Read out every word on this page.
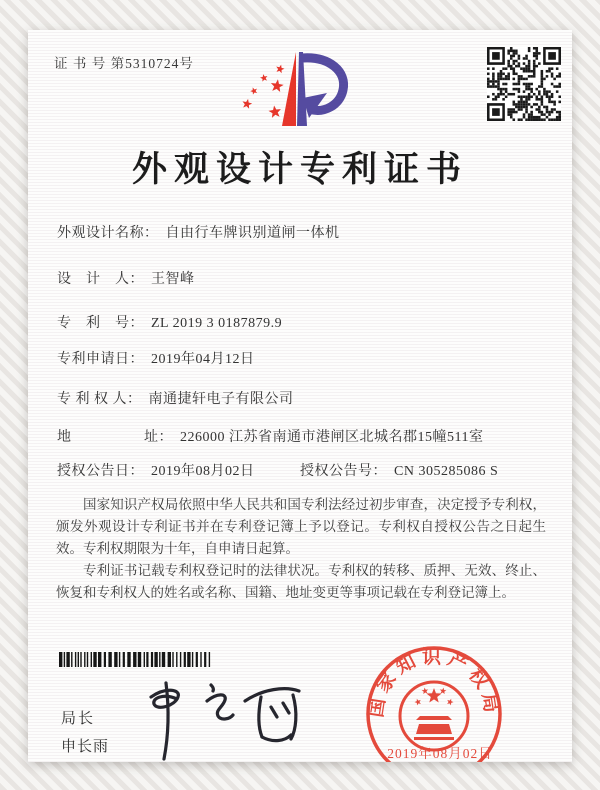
证 书 号 第5310724号
外观设计专利证书
外观设计名称： 自由行车牌识别道闸一体机
设　计　人： 王智峰
专　利　号： ZL 2019 3 0187879.9
专利申请日： 2019年04月12日
专 利 权 人： 南通捷轩电子有限公司
地　　　　　址： 226000 江苏省南通市港闸区北城名郡15幢511室
授权公告日： 2019年08月02日	授权公告号： CN 305285086 S

国家知识产权局依照中华人民共和国专利法经过初步审查，决定授予专利权，颁发外观设计专利证书并在专利登记簿上予以登记。专利权自授权公告之日起生效。专利权期限为十年，自申请日起算。

专利证书记载专利权登记时的法律状况。专利权的转移、质押、无效、终止、恢复和专利权人的姓名或名称、国籍、地址变更等事项记载在专利登记簿上。

局长
申长雨
国家知识产权局
2019年08月02日
